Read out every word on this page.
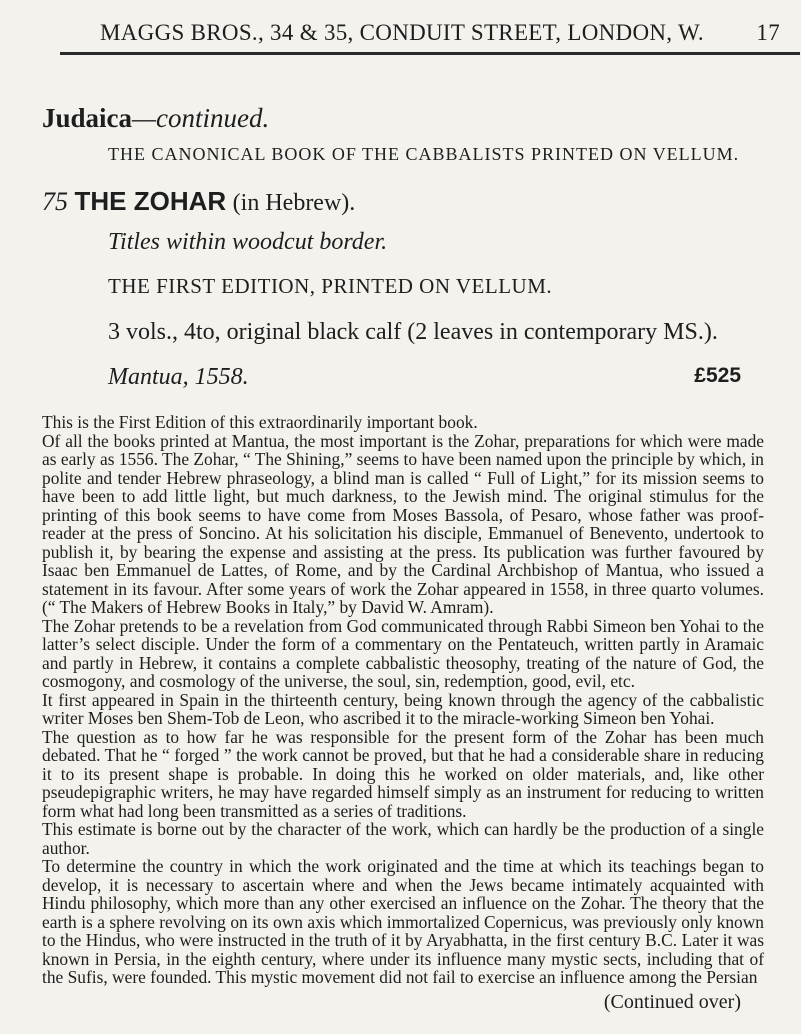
MAGGS BROS., 34 & 35, CONDUIT STREET, LONDON, W. 17
Judaica—continued.
THE CANONICAL BOOK OF THE CABBALISTS PRINTED ON VELLUM.
75 THE ZOHAR (in Hebrew).
Titles within woodcut border.
THE FIRST EDITION, PRINTED ON VELLUM.
3 vols., 4to, original black calf (2 leaves in contemporary MS.).
Mantua, 1558.	£525

This is the First Edition of this extraordinarily important book.

Of all the books printed at Mantua, the most important is the Zohar, preparations for which were made as early as 1556. The Zohar, “ The Shining,” seems to have been named upon the principle by which, in polite and tender Hebrew phraseology, a blind man is called “ Full of Light,” for its mission seems to have been to add little light, but much darkness, to the Jewish mind. The original stimulus for the printing of this book seems to have come from Moses Bassola, of Pesaro, whose father was proof-reader at the press of Soncino. At his solicitation his disciple, Emmanuel of Benevento, undertook to publish it, by bearing the expense and assisting at the press. Its publication was further favoured by Isaac ben Emmanuel de Lattes, of Rome, and by the Cardinal Archbishop of Mantua, who issued a statement in its favour. After some years of work the Zohar appeared in 1558, in three quarto volumes. (“ The Makers of Hebrew Books in Italy,” by David W. Amram).

The Zohar pretends to be a revelation from God communicated through Rabbi Simeon ben Yohai to the latter’s select disciple. Under the form of a commentary on the Pentateuch, written partly in Aramaic and partly in Hebrew, it contains a complete cabbalistic theosophy, treating of the nature of God, the cosmogony, and cosmology of the universe, the soul, sin, redemption, good, evil, etc.

It first appeared in Spain in the thirteenth century, being known through the agency of the cabbalistic writer Moses ben Shem-Tob de Leon, who ascribed it to the miracle-working Simeon ben Yohai.

The question as to how far he was responsible for the present form of the Zohar has been much debated. That he “ forged ” the work cannot be proved, but that he had a considerable share in reducing it to its present shape is probable. In doing this he worked on older materials, and, like other pseudepigraphic writers, he may have regarded himself simply as an instrument for reducing to written form what had long been transmitted as a series of traditions.

This estimate is borne out by the character of the work, which can hardly be the production of a single author.

To determine the country in which the work originated and the time at which its teachings began to develop, it is necessary to ascertain where and when the Jews became intimately acquainted with Hindu philosophy, which more than any other exercised an influence on the Zohar. The theory that the earth is a sphere revolving on its own axis which immortalized Copernicus, was previously only known to the Hindus, who were instructed in the truth of it by Aryabhatta, in the first century B.C. Later it was known in Persia, in the eighth century, where under its influence many mystic sects, including that of the Sufis, were founded. This mystic movement did not fail to exercise an influence among the Persian

(Continued over)
